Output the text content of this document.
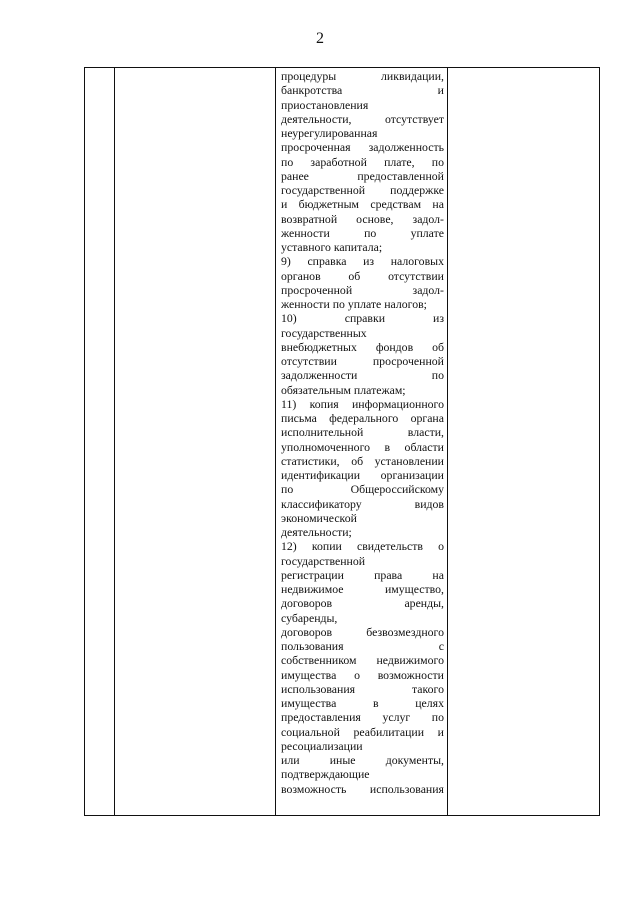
2
процедуры	ликвидации,
банкротства	и
приостановления
деятельности,	отсутствует
неурегулированная
просроченная задолженность
по заработной плате, по
ранее	предоставленной
государственной поддержке
и бюджетным средствам на
возвратной основе, задол-
женности	по	уплате
уставного капитала;
9) справка из налоговых
органов об отсутствии
просроченной	задол-
женности по уплате налогов;
10)	справки	из
государственных
внебюджетных фондов об
отсутствии	просроченной
задолженности	по
обязательным платежам;
11) копия информационного
письма федерального органа
исполнительной	власти,
уполномоченного в области
статистики, об установлении
идентификации организации
по	Общероссийскому
классификатору	видов
экономической
деятельности;
12) копии свидетельств о
государственной
регистрации	права	на
недвижимое	имущество,
договоров	аренды,
субаренды,
договоров	безвозмездного
пользования	с
собственником недвижимого
имущества о возможности
использования	такого
имущества	в	целях
предоставления услуг по
социальной реабилитации и
ресоциализации
или	иные	документы,
подтверждающие
возможность использования
